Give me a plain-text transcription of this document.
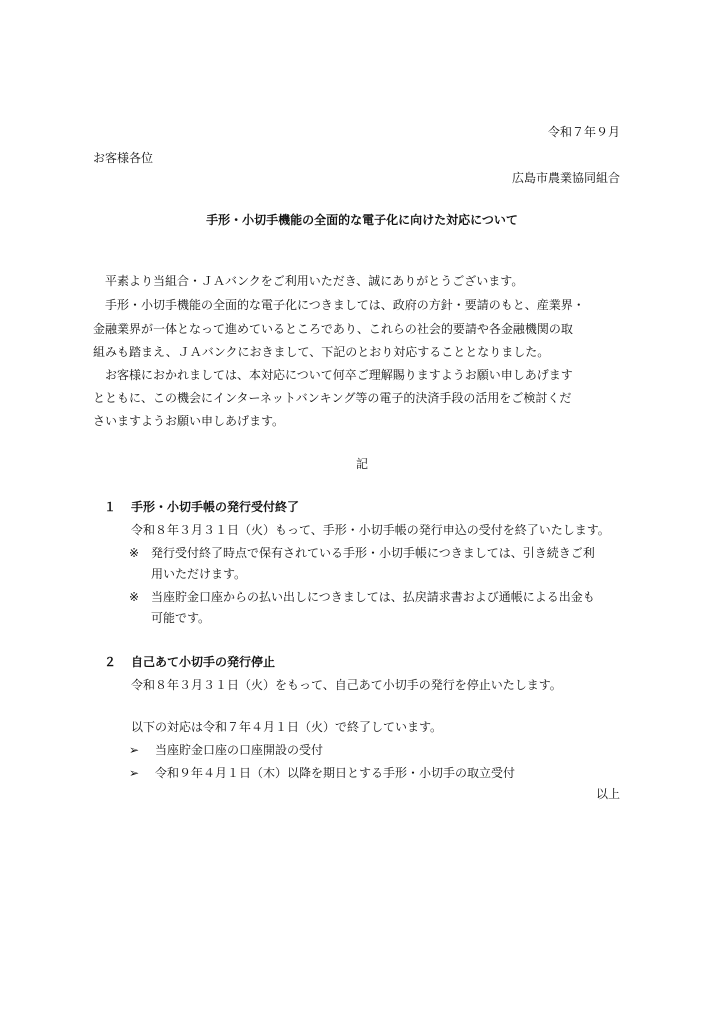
令和７年９月
お客様各位
広島市農業協同組合
手形・小切手機能の全面的な電子化に向けた対応について
平素より当組合・ＪＡバンクをご利用いただき、誠にありがとうございます。
手形・小切手機能の全面的な電子化につきましては、政府の方針・要請のもと、産業界・
金融業界が一体となって進めているところであり、これらの社会的要請や各金融機関の取
組みも踏まえ、ＪＡバンクにおきまして、下記のとおり対応することとなりました。
お客様におかれましては、本対応について何卒ご理解賜りますようお願い申しあげます
とともに、この機会にインターネットバンキング等の電子的決済手段の活用をご検討くだ
さいますようお願い申しあげます。
記
１ 手形・小切手帳の発行受付終了
令和８年３月３１日（火）もって、手形・小切手帳の発行申込の受付を終了いたします。
※ 発行受付終了時点で保有されている手形・小切手帳につきましては、引き続きご利
用いただけます。
※ 当座貯金口座からの払い出しにつきましては、払戻請求書および通帳による出金も
可能です。
２ 自己あて小切手の発行停止
令和８年３月３１日（火）をもって、自己あて小切手の発行を停止いたします。
以下の対応は令和７年４月１日（火）で終了しています。
➢ 当座貯金口座の口座開設の受付
➢ 令和９年４月１日（木）以降を期日とする手形・小切手の取立受付
以上
